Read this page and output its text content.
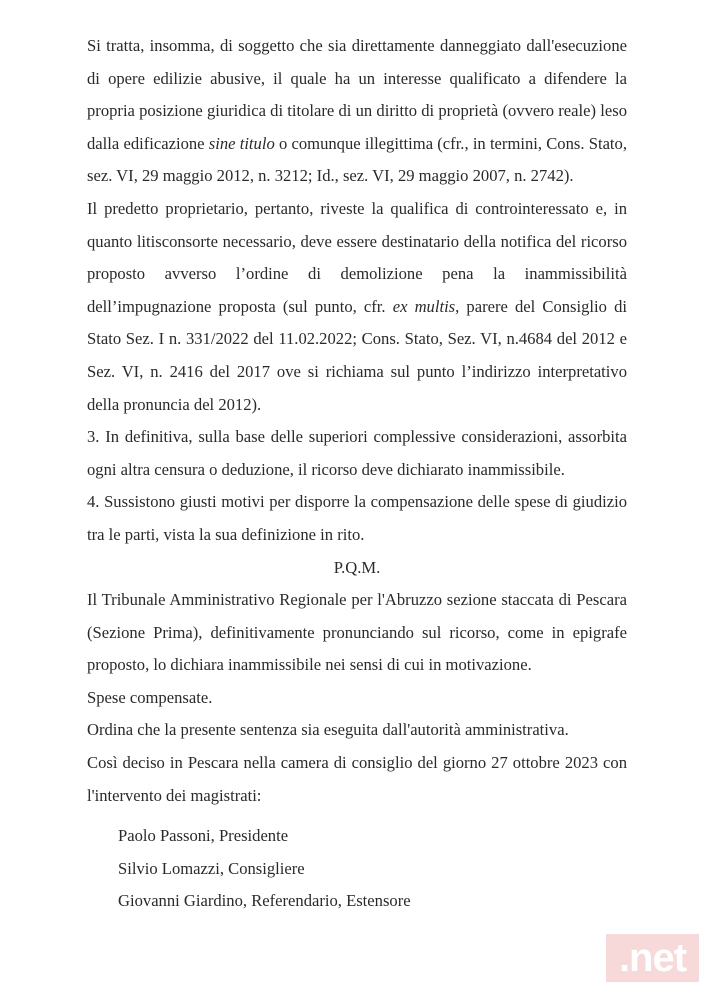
Si tratta, insomma, di soggetto che sia direttamente danneggiato dall'esecuzione di opere edilizie abusive, il quale ha un interesse qualificato a difendere la propria posizione giuridica di titolare di un diritto di proprietà (ovvero reale) leso dalla edificazione sine titulo o comunque illegittima (cfr., in termini, Cons. Stato, sez. VI, 29 maggio 2012, n. 3212; Id., sez. VI, 29 maggio 2007, n. 2742).

Il predetto proprietario, pertanto, riveste la qualifica di controinteressato e, in quanto litisconsorte necessario, deve essere destinatario della notifica del ricorso proposto avverso l’ordine di demolizione pena la inammissibilità dell’impugnazione proposta (sul punto, cfr. ex multis, parere del Consiglio di Stato Sez. I n. 331/2022 del 11.02.2022; Cons. Stato, Sez. VI, n.4684 del 2012 e Sez. VI, n. 2416 del 2017 ove si richiama sul punto l’indirizzo interpretativo della pronuncia del 2012).

3. In definitiva, sulla base delle superiori complessive considerazioni, assorbita ogni altra censura o deduzione, il ricorso deve dichiarato inammissibile.

4. Sussistono giusti motivi per disporre la compensazione delle spese di giudizio tra le parti, vista la sua definizione in rito.

P.Q.M.

Il Tribunale Amministrativo Regionale per l'Abruzzo sezione staccata di Pescara (Sezione Prima), definitivamente pronunciando sul ricorso, come in epigrafe proposto, lo dichiara inammissibile nei sensi di cui in motivazione.

Spese compensate.

Ordina che la presente sentenza sia eseguita dall'autorità amministrativa.

Così deciso in Pescara nella camera di consiglio del giorno 27 ottobre 2023 con l'intervento dei magistrati:

Paolo Passoni, Presidente

Silvio Lomazzi, Consigliere

Giovanni Giardino, Referendario, Estensore

.net
